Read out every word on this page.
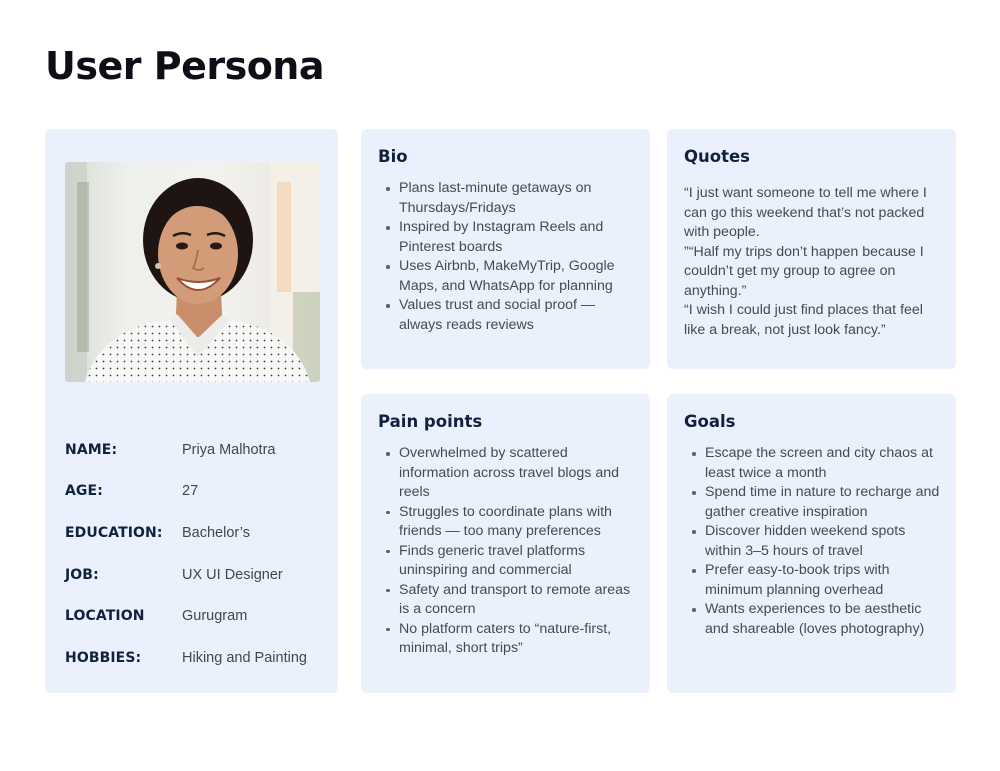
User Persona
NAME:	Priya Malhotra
AGE:	27
EDUCATION:	Bachelor’s
JOB:	UX UI Designer
LOCATION	Gurugram
HOBBIES:	Hiking and Painting
Bio
Plans last-minute getaways on Thursdays/Fridays
Inspired by Instagram Reels and Pinterest boards
Uses Airbnb, MakeMyTrip, Google Maps, and WhatsApp for planning
Values trust and social proof — always reads reviews
Quotes

“I just want someone to tell me where I can go this weekend that’s not packed with people.

”“Half my trips don’t happen because I couldn’t get my group to agree on anything.”

“I wish I could just find places that feel like a break, not just look fancy.”

Pain points
Overwhelmed by scattered information across travel blogs and reels
Struggles to coordinate plans with friends — too many preferences
Finds generic travel platforms uninspiring and commercial
Safety and transport to remote areas is a concern
No platform caters to “nature-first, minimal, short trips”
Goals
Escape the screen and city chaos at least twice a month
Spend time in nature to recharge and gather creative inspiration
Discover hidden weekend spots within 3–5 hours of travel
Prefer easy-to-book trips with minimum planning overhead
Wants experiences to be aesthetic and shareable (loves photography)
